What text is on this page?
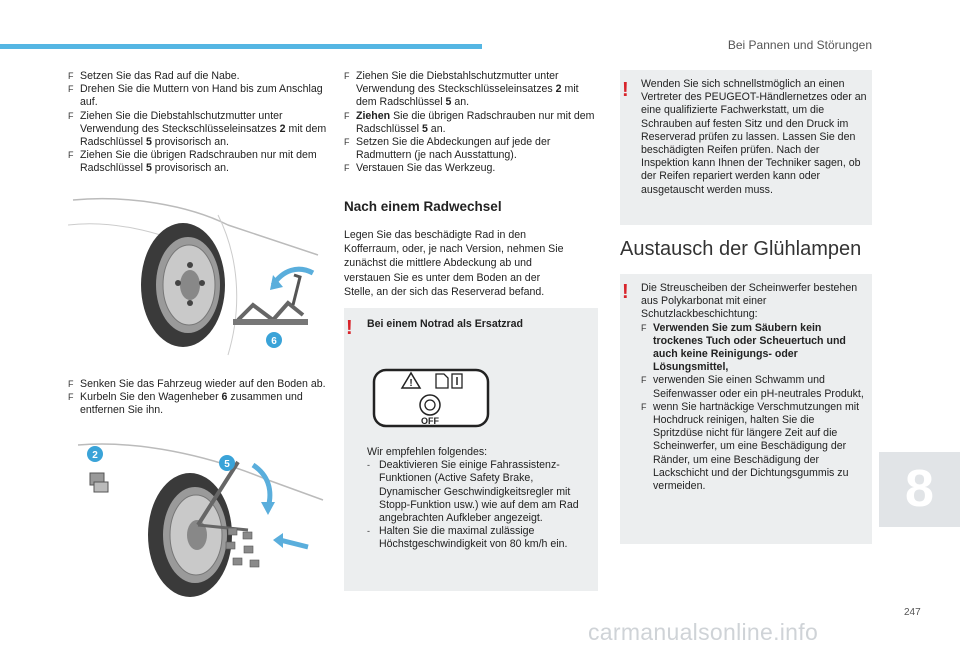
Bei Pannen und Störungen
F Setzen Sie das Rad auf die Nabe.
F Drehen Sie die Muttern von Hand bis zum Anschlag auf.
F Ziehen Sie die Diebstahlschutzmutter unter Verwendung des Steckschlüsseleinsatzes 2 mit dem Radschlüssel 5 provisorisch an.
F Ziehen Sie die übrigen Radschrauben nur mit dem Radschlüssel 5 provisorisch an.
6
F Senken Sie das Fahrzeug wieder auf den Boden ab.
F Kurbeln Sie den Wagenheber 6 zusammen und entfernen Sie ihn.
2
5
F Ziehen Sie die Diebstahlschutzmutter unter Verwendung des Steckschlüsseleinsatzes 2 mit dem Radschlüssel 5 an.
F Ziehen Sie die übrigen Radschrauben nur mit dem Radschlüssel 5 an.
F Setzen Sie die Abdeckungen auf jede der Radmuttern (je nach Ausstattung).
F Verstauen Sie das Werkzeug.
Nach einem Radwechsel
Legen Sie das beschädigte Rad in den Kofferraum, oder, je nach Version, nehmen Sie zunächst die mittlere Abdeckung ab und verstauen Sie es unter dem Boden an der Stelle, an der sich das Reserverad befand.
! Bei einem Notrad als Ersatzrad
!
OFF
Wir empfehlen folgendes:
- Deaktivieren Sie einige Fahrassistenz-Funktionen (Active Safety Brake, Dynamischer Geschwindigkeitsregler mit Stopp-Funktion usw.) wie auf dem am Rad angebrachten Aufkleber angezeigt.
- Halten Sie die maximal zulässige Höchstgeschwindigkeit von 80 km/h ein.
! Wenden Sie sich schnellstmöglich an einen Vertreter des PEUGEOT-Händlernetzes oder an eine qualifizierte Fachwerkstatt, um die Schrauben auf festen Sitz und den Druck im Reserverad prüfen zu lassen. Lassen Sie den beschädigten Reifen prüfen. Nach der Inspektion kann Ihnen der Techniker sagen, ob der Reifen repariert werden kann oder ausgetauscht werden muss.
Austausch der Glühlampen
! Die Streuscheiben der Scheinwerfer bestehen aus Polykarbonat mit einer Schutzlackbeschichtung:
F Verwenden Sie zum Säubern kein trockenes Tuch oder Scheuertuch und auch keine Reinigungs- oder Lösungsmittel,
F verwenden Sie einen Schwamm und Seifenwasser oder ein pH-neutrales Produkt,
F wenn Sie hartnäckige Verschmutzungen mit Hochdruck reinigen, halten Sie die Spritzdüse nicht für längere Zeit auf die Scheinwerfer, um eine Beschädigung der Ränder, um eine Beschädigung der Lackschicht und der Dichtungsgummis zu vermeiden.	8
247
carmanualsonline.info
